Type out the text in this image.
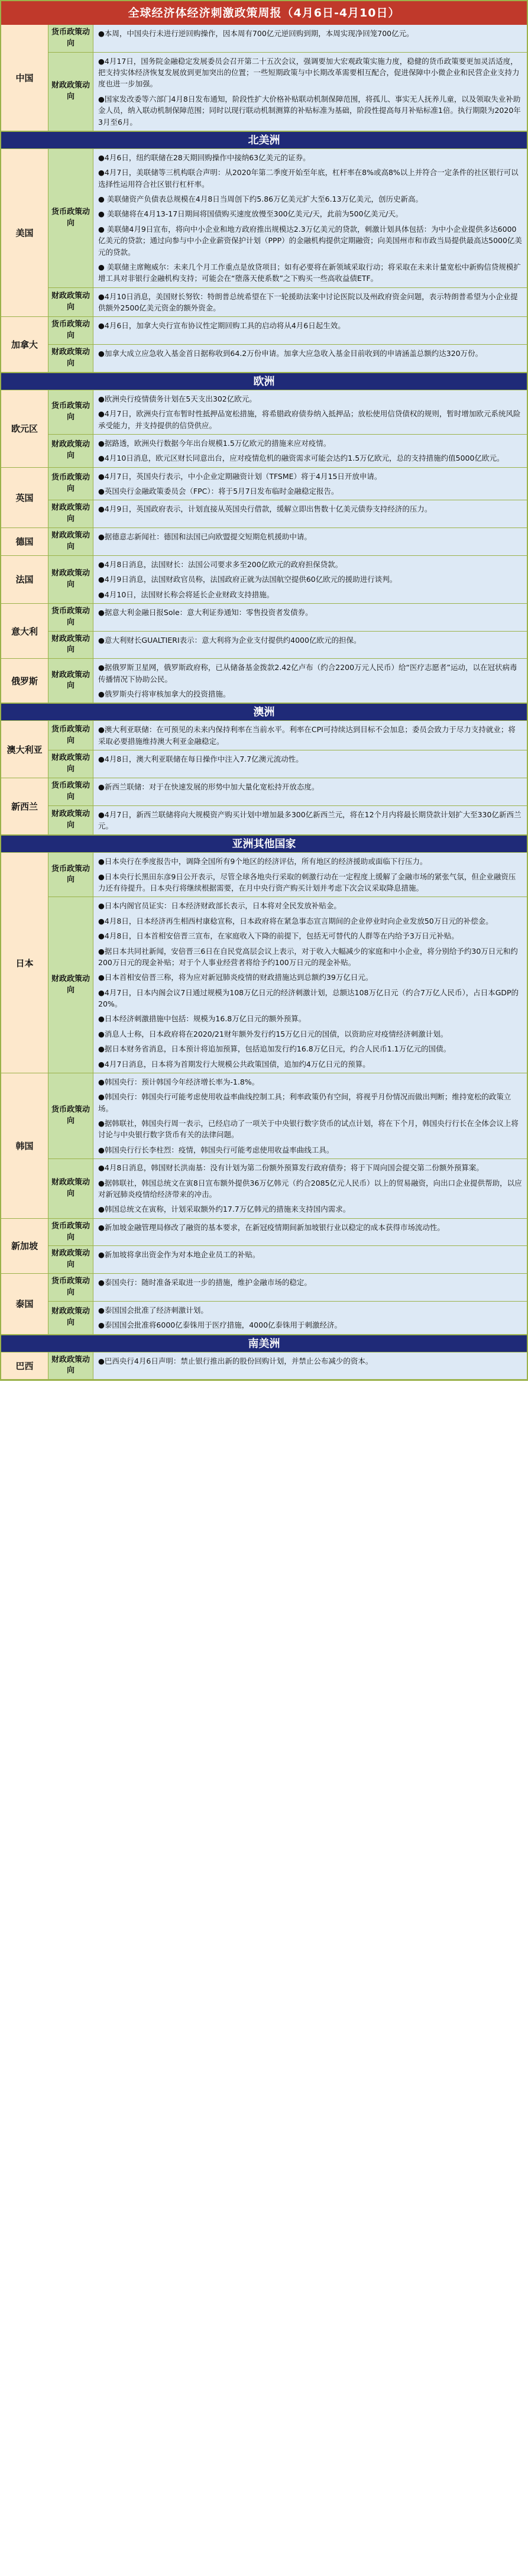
全球经济体经济刺激政策周报（4月6日-4月10日）
中国
货币政策动向

●本周，中国央行未进行逆回购操作，因本周有700亿元逆回购到期，本周实现净回笼700亿元。

财政政策动向

●4月17日，国务院金融稳定发展委员会召开第二十五次会议，强调要加大宏观政策实施力度，稳健的货币政策要更加灵活适度，把支持实体经济恢复发展放到更加突出的位置；一些短期政策与中长期改革需要相互配合，促进保障中小微企业和民营企业支持力度也进一步加强。

●国家发改委等六部门4月8日发布通知，阶段性扩大价格补贴联动机制保障范围，将孤儿、事实无人抚养儿童，以及领取失业补助金人员，纳入联动机制保障范围；同时以现行联动机制测算的补贴标准为基础，阶段性提高每月补贴标准1倍。执行期限为2020年3月至6月。

北美洲
美国
货币政策动向

●4月6日，纽约联储在28天期回购操作中接纳63亿美元的证券。

●4月7日，美联储等三机构联合声明：从2020年第二季度开始至年底，杠杆率在8%或高8%以上并符合一定条件的社区银行可以选择性运用符合社区银行杠杆率。

● 美联储资产负债表总规模在4月8日当周创下约5.86万亿美元扩大至6.13万亿美元，创历史新高。

● 美联储将在4月13-17日期间将国债购买速度放慢至300亿美元/天，此前为500亿美元/天。

● 美联储4月9日宣布，将向中小企业和地方政府推出规模达2.3万亿美元的贷款，刺激计划具体包括：为中小企业提供多达6000亿美元的贷款；通过向参与中小企业薪资保护计划（PPP）的金融机构提供定期融资；向美国州市和市政当局提供最高达5000亿美元的贷款。

● 美联储主席鲍威尔：未来几个月工作重点是放贷项目；如有必要将在新领域采取行动；将采取在未来计量宽松中新购信贷规模扩增工具对非银行金融机构支持；可能会在“堕落天使系数”之下购买一些高收益债ETF。

财政政策动向

●4月10日消息，美国财长努钦：特朗普总统希望在下一轮援助法案中讨论医院以及州政府资金问题，表示特朗普希望为小企业提供额外2500亿美元资金的额外资金。

加拿大
货币政策动向

●4月6日，加拿大央行宣布协议性定期回购工具的启动将从4月6日起生效。

财政政策动向

●加拿大成立应急收入基金首日据称收到64.2万份申请。加拿大应急收入基金目前收到的申请涵盖总额约达320万份。

欧洲
欧元区
货币政策动向

●欧洲央行疫情债务计划在5天支出302亿欧元。

●4月7日，欧洲央行宣布暂时性抵押品宽松措施，将希腊政府债券纳入抵押品；放松使用信贷债权的规则，暂时增加欧元系统风险承受能力，并支持提供的信贷供应。

财政政策动向

●据路透，欧洲央行数据今年出台规模1.5万亿欧元的措施来应对疫情。

●4月10日消息，欧元区财长同意出台，应对疫情危机的融资需求可能会达约1.5万亿欧元，总的支持措施约值5000亿欧元。

英国
货币政策动向

●4月7日，英国央行表示，中小企业定期融资计划（TFSME）将于4月15日开放申请。

●英国央行金融政策委员会（FPC）：将于5月7日发布临时金融稳定报告。

财政政策动向

●4月9日，英国政府表示，计划直接从英国央行借款，缓解立即出售数十亿美元债券支持经济的压力。

德国
财政政策动向

●据德意志新闻社：德国和法国已向欧盟提交短期危机援助中请。

法国
财政政策动向

●4月8日消息，法国财长：法国公司要求多至200亿欧元的政府担保贷款。

●4月9日消息，法国财政官员称，法国政府正就为法国航空提供60亿欧元的援助进行谈判。

●4月10日，法国财长称会将延长企业财政支持措施。

意大利
货币政策动向

●据意大利金融日报Sole：意大利证券通知：零售投资者发债券。

财政政策动向

●意大利财长GUALTIERI表示：意大利将为企业支付提供约4000亿欧元的担保。

俄罗斯
财政政策动向

●据俄罗斯卫星网，俄罗斯政府称，已从储备基金拨款2.42亿卢布（约合2200万元人民币）给“医疗志愿者”运动，以在冠状病毒传播情况下协助公民。

●俄罗斯央行将审核加拿大的投资措施。

澳洲
澳大利亚
货币政策动向

●澳大利亚联储：在可预见的未来内保持利率在当前水平。利率在CPI可持续达到目标不会加息；委员会致力于尽力支持就业；将采取必要措施维持澳大利亚金融稳定。

财政政策动向

●4月8日，澳大利亚联储在每日操作中注入7.7亿澳元流动性。

新西兰
货币政策动向

●新西兰联储：对于在快速发展的形势中加大量化宽松持开放态度。

财政政策动向

●4月7日，新西兰联储将向大规模资产购买计划中增加最多300亿新西兰元，将在12个月内将最长期贷款计划扩大至330亿新西兰元。

亚洲其他国家
日本
货币政策动向

●日本央行在季度报告中，调降全国所有9个地区的经济评估，所有地区的经济援助或面临下行压力。

●日本央行长黑田东彦9日公开表示，尽管全球各地央行采取的刺激行动在一定程度上缓解了金融市场的紧张气氛，但企业融资压力还有待提升。日本央行将继续根据需要，在月中央行资产购买计划并考虑下次会议采取降息措施。

财政政策动向

●日本内阁官员证实：日本经济财政部长表示，日本将对全民发放补贴金。

●4月8日，日本经济再生相西村康稔宣称，日本政府将在紧急事态宣言期间的企业停业时向企业发放50万日元的补偿金。

●4月8日，日本首相安倍晋三宣布，在家庭收入下降的前提下，包括无可替代的人群等在内给予3万日元补贴。

●据日本共同社新闻，安倍晋三6日在自民党高层会议上表示，对于收入大幅减少的家庭和中小企业，将分别给予约30万日元和约200万日元的现金补贴；对于个人事业经营者将给予约100万日元的现金补贴。

●日本首相安倍晋三称，将为应对新冠肺炎疫情的财政措施达到总额约39万亿日元。

●4月7日，日本内阁会议7日通过规模为108万亿日元的经济刺激计划，总额达108万亿日元（约合7万亿人民币），占日本GDP的20%。

●日本经济刺激措施中包括：规模为16.8万亿日元的额外预算。

●消息人士称，日本政府将在2020/21财年额外发行约15万亿日元的国债，以资助应对疫情经济刺激计划。

●据日本财务省消息，日本预计将追加预算，包括追加发行约16.8万亿日元，约合人民币1.1万亿元的国债。

●4月7日消息，日本将为首期发行大规模公共政策国债，追加约4万亿日元的预算。

韩国
货币政策动向

●韩国央行：预计韩国今年经济增长率为-1.8%。

●韩国央行：韩国央行可能考虑使用收益率曲线控制工具；利率政策仍有空间，将视乎月份情况而做出判断；维持宽松的政策立场。

●据韩联社，韩国央行周一表示，已经启动了一项关于中央银行数字货币的试点计划，将在下个月，韩国央行行长在全体会议上将讨论与中央银行数字货币有关的法律问题。

●韩国央行行长李柱烈：疫情，韩国央行可能考虑使用收益率曲线工具。

财政政策动向

●4月8日消息，韩国财长洪南基：没有计划为第二份额外预算发行政府债券；将于下周向国会提交第二份额外预算案。

●据韩联社，韩国总统文在寅8日宣布额外提供36万亿韩元（约合2085亿元人民币）以上的贸易融资，向出口企业提供帮助，以应对新冠肺炎疫情给经济带来的冲击。

●韩国总统文在寅称，计划采取额外约17.7万亿韩元的措施来支持国内需求。

新加坡
货币政策动向

●新加坡金融管理局修改了融资的基本要求，在新冠疫情期间新加坡银行业以稳定的成本获得市场流动性。

财政政策动向

●新加坡将拿出资金作为对本地企业员工的补贴。

泰国
货币政策动向

●泰国央行：随时准备采取进一步的措施，维护金融市场的稳定。

财政政策动向

●泰国国会批准了经济刺激计划。

●泰国国会批准将6000亿泰铢用于医疗措施，4000亿泰铢用于刺激经济。

南美洲
巴西
财政政策动向

●巴西央行4月6日声明：禁止银行推出新的股份回购计划，并禁止公布减少的资本。
